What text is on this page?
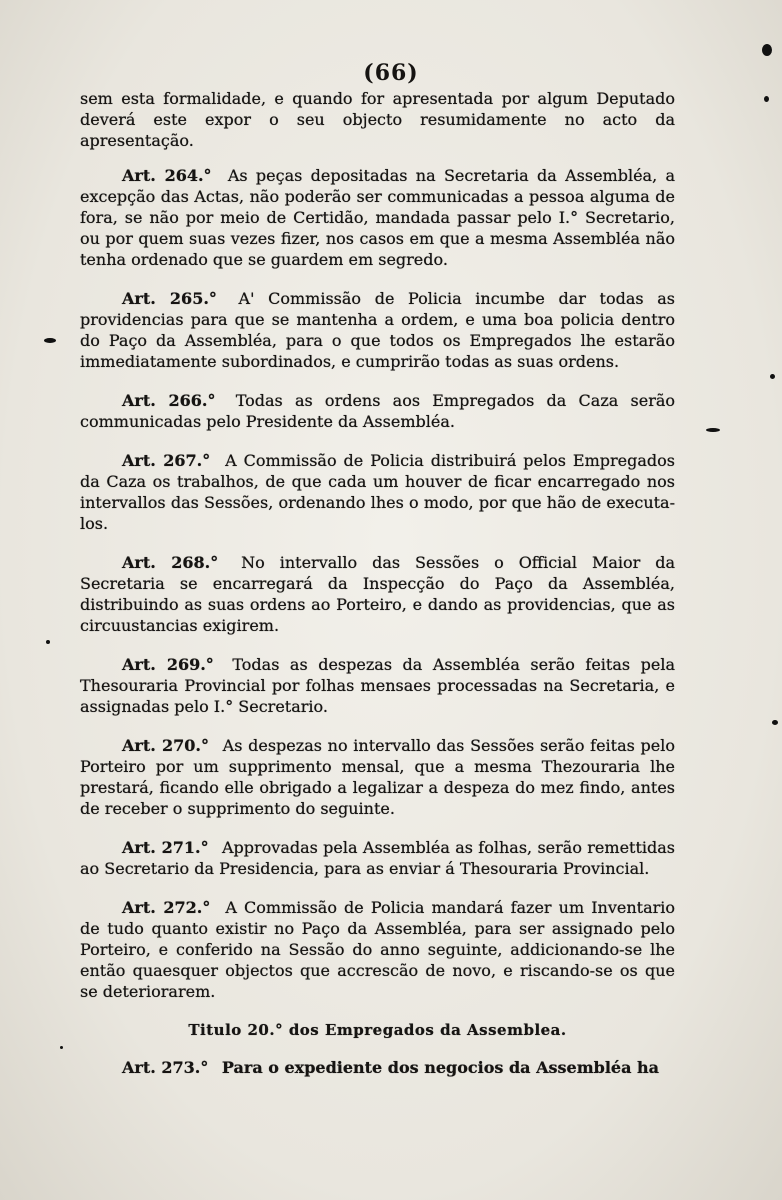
(66)

sem esta formalidade, e quando for apresentada por algum Deputado deverá este expor o seu objecto resumidamente no acto da apresentação.

Art. 264.° As peças depositadas na Secretaria da Assembléa, a excepção das Actas, não poderão ser communicadas a pessoa alguma de fora, se não por meio de Certidão, mandada passar pelo I.° Secretario, ou por quem suas vezes fizer, nos casos em que a mesma Assembléa não tenha ordenado que se guardem em segredo.

Art. 265.° A' Commissão de Policia incumbe dar todas as providencias para que se mantenha a ordem, e uma boa policia dentro do Paço da Assembléa, para o que todos os Empregados lhe estarão immediatamente subordinados, e cumprirão todas as suas ordens.

Art. 266.° Todas as ordens aos Empregados da Caza serão communicadas pelo Presidente da Assembléa.

Art. 267.° A Commissão de Policia distribuirá pelos Empregados da Caza os trabalhos, de que cada um houver de ficar encarregado nos intervallos das Sessões, ordenando lhes o modo, por que hão de executa-los.

Art. 268.° No intervallo das Sessões o Official Maior da Secretaria se encarregará da Inspecção do Paço da Assembléa, distribuindo as suas ordens ao Porteiro, e dando as providencias, que as circuustancias exigirem.

Art. 269.° Todas as despezas da Assembléa serão feitas pela Thesouraria Provincial por folhas mensaes processadas na Secretaria, e assignadas pelo I.° Secretario.

Art. 270.° As despezas no intervallo das Sessões serão feitas pelo Porteiro por um supprimento mensal, que a mesma Thezouraria lhe prestará, ficando elle obrigado a legalizar a despeza do mez findo, antes de receber o supprimento do seguinte.

Art. 271.° Approvadas pela Assembléa as folhas, serão remettidas ao Secretario da Presidencia, para as enviar á Thesouraria Provincial.

Art. 272.° A Commissão de Policia mandará fazer um Inventario de tudo quanto existir no Paço da Assembléa, para ser assignado pelo Porteiro, e conferido na Sessão do anno seguinte, addicionando-se lhe então quaesquer objectos que accrescão de novo, e riscando-se os que se deteriorarem.

Titulo 20.° dos Empregados da Assemblea.

Art. 273.° Para o expediente dos negocios da Assembléa ha
